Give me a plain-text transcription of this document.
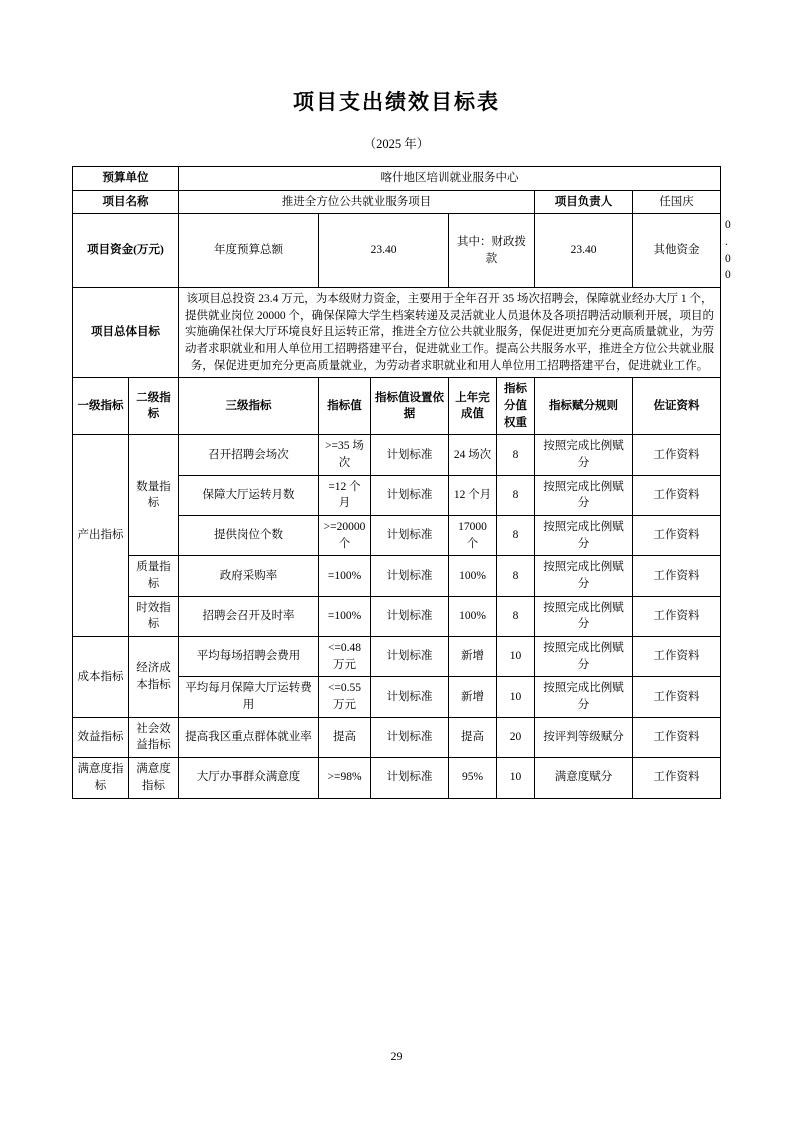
项目支出绩效目标表
（2025 年）
预算单位		喀什地区培训就业服务中心							
项目名称		推进全方位公共就业服务项目					项目负责人	任国庆	
项目资金(万元)		年度预算总额	23.40		其中：财政拨款		23.40	其他资金	0.00
项目总体目标		该项目总投资 23.4 万元，为本级财力资金，主要用于全年召开 35 场次招聘会，保障就业经办大厅 1 个，提供就业岗位 20000 个，确保保障大学生档案转递及灵活就业人员退休及各项招聘活动顺利开展，项目的实施确保社保大厅环境良好且运转正常，推进全方位公共就业服务，保促进更加充分更高质量就业，为劳动者求职就业和用人单位用工招聘搭建平台，促进就业工作。提高公共服务水平，推进全方位公共就业服务，保促进更加充分更高质量就业，为劳动者求职就业和用人单位用工招聘搭建平台，促进就业工作。							
一级指标	二级指标	三级指标	指标值	指标值设置依据	上年完成值	指标分值权重	指标赋分规则	佐证资料	
产出指标	数量指标	召开招聘会场次	>=35 场次	计划标准	24 场次	8	按照完成比例赋分	工作资料	
		保障大厅运转月数	=12 个月	计划标准	12 个月	8	按照完成比例赋分	工作资料	
		提供岗位个数	>=20000 个	计划标准	17000 个	8	按照完成比例赋分	工作资料	
	质量指标	政府采购率	=100%	计划标准	100%	8	按照完成比例赋分	工作资料	
	时效指标	招聘会召开及时率	=100%	计划标准	100%	8	按照完成比例赋分	工作资料	
成本指标	经济成本指标	平均每场招聘会费用	<=0.48 万元	计划标准	新增	10	按照完成比例赋分	工作资料	
		平均每月保障大厅运转费用	<=0.55 万元	计划标准	新增	10	按照完成比例赋分	工作资料	
效益指标	社会效益指标	提高我区重点群体就业率	提高	计划标准	提高	20	按评判等级赋分	工作资料	
满意度指标	满意度指标	大厅办事群众满意度	>=98%	计划标准	95%	10	满意度赋分	工作资料	
29
